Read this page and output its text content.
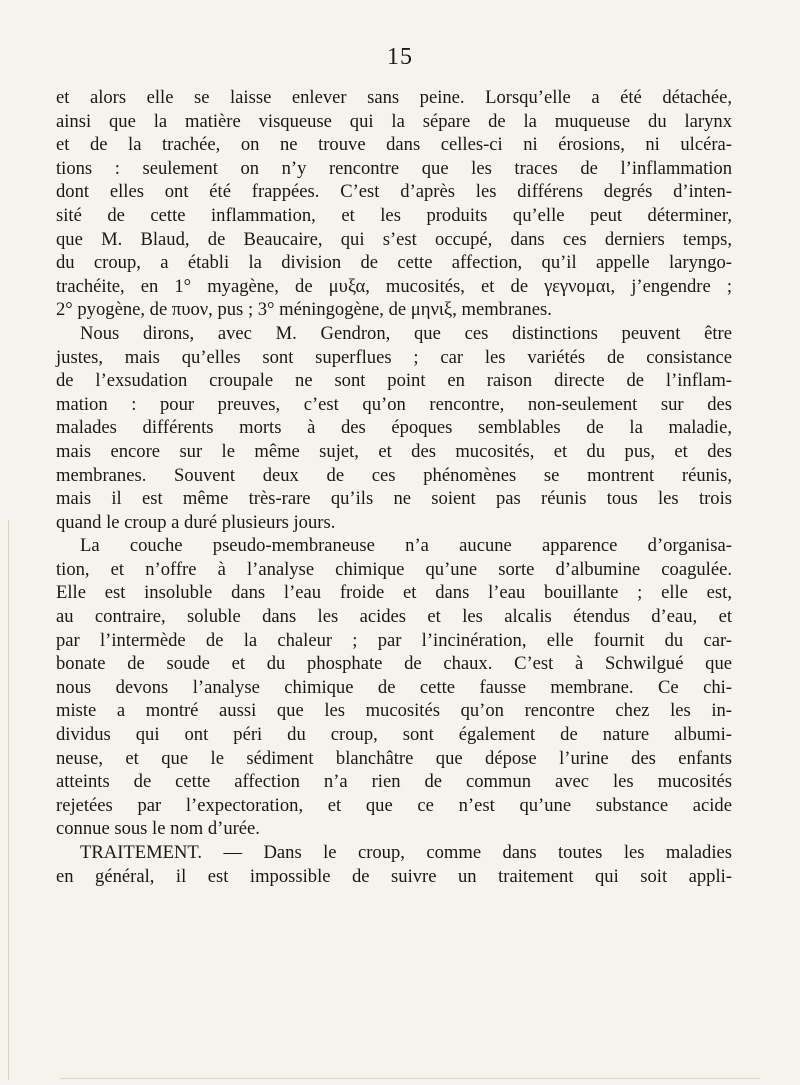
15
et alors elle se laisse enlever sans peine. Lorsqu’elle a été détachée,
ainsi que la matière visqueuse qui la sépare de la muqueuse du larynx
et de la trachée, on ne trouve dans celles-ci ni érosions, ni ulcéra-
tions : seulement on n’y rencontre que les traces de l’inflammation
dont elles ont été frappées. C’est d’après les différens degrés d’inten-
sité de cette inflammation, et les produits qu’elle peut déterminer,
que M. Blaud, de Beaucaire, qui s’est occupé, dans ces derniers temps,
du croup, a établi la division de cette affection, qu’il appelle laryngo-
trachéite, en 1° myagène, de μυξα, mucosités, et de γεγνομαι, j’engendre ;
2° pyogène, de πυον, pus ; 3° méningogène, de μηνιξ, membranes.
Nous dirons, avec M. Gendron, que ces distinctions peuvent être
justes, mais qu’elles sont superflues ; car les variétés de consistance
de l’exsudation croupale ne sont point en raison directe de l’inflam-
mation : pour preuves, c’est qu’on rencontre, non-seulement sur des
malades différents morts à des époques semblables de la maladie,
mais encore sur le même sujet, et des mucosités, et du pus, et des
membranes. Souvent deux de ces phénomènes se montrent réunis,
mais il est même très-rare qu’ils ne soient pas réunis tous les trois
quand le croup a duré plusieurs jours.
La couche pseudo-membraneuse n’a aucune apparence d’organisa-
tion, et n’offre à l’analyse chimique qu’une sorte d’albumine coagulée.
Elle est insoluble dans l’eau froide et dans l’eau bouillante ; elle est,
au contraire, soluble dans les acides et les alcalis étendus d’eau, et
par l’intermède de la chaleur ; par l’incinération, elle fournit du car-
bonate de soude et du phosphate de chaux. C’est à Schwilgué que
nous devons l’analyse chimique de cette fausse membrane. Ce chi-
miste a montré aussi que les mucosités qu’on rencontre chez les in-
dividus qui ont péri du croup, sont également de nature albumi-
neuse, et que le sédiment blanchâtre que dépose l’urine des enfants
atteints de cette affection n’a rien de commun avec les mucosités
rejetées par l’expectoration, et que ce n’est qu’une substance acide
connue sous le nom d’urée.
TRAITEMENT. — Dans le croup, comme dans toutes les maladies
en général, il est impossible de suivre un traitement qui soit appli-
